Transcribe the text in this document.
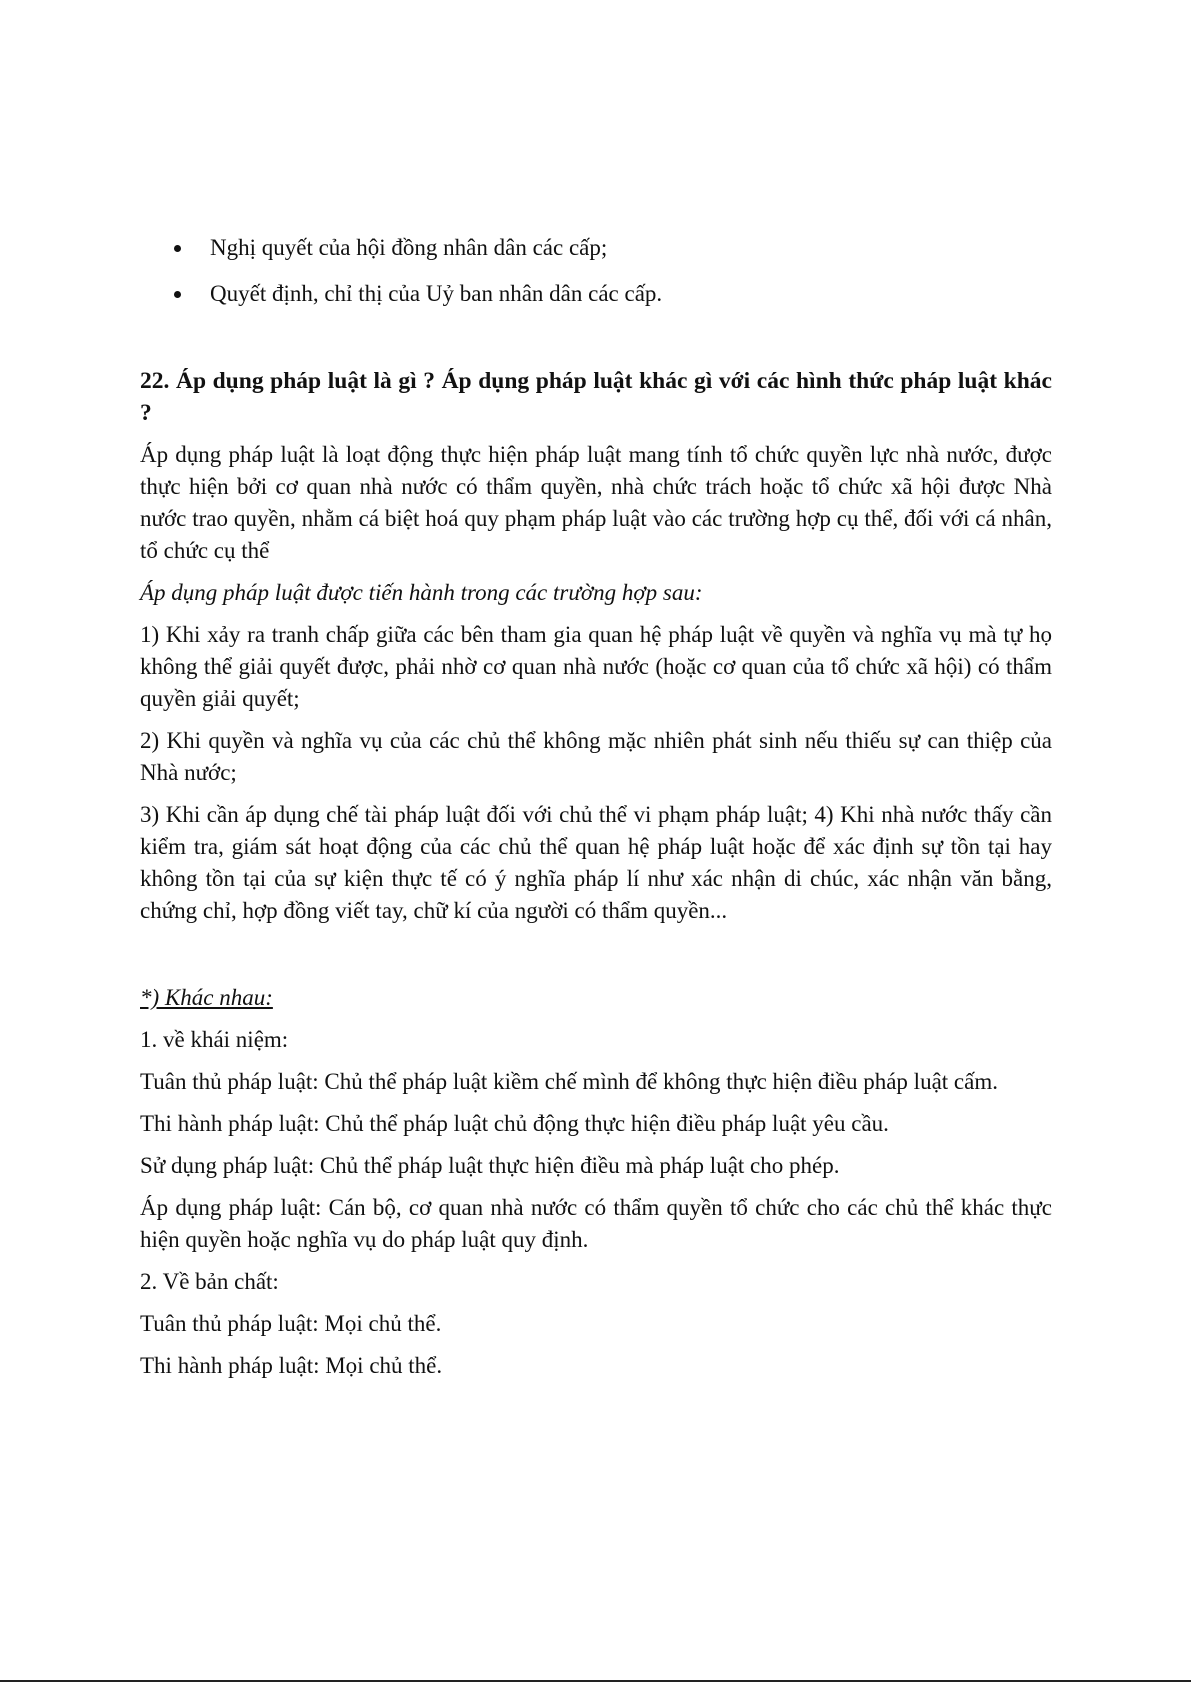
Nghị quyết của hội đồng nhân dân các cấp;
Quyết định, chỉ thị của Uỷ ban nhân dân các cấp.
22. Áp dụng pháp luật là gì ? Áp dụng pháp luật khác gì với các hình thức pháp luật khác ?

Áp dụng pháp luật là loạt động thực hiện pháp luật mang tính tổ chức quyền lực nhà nước, được thực hiện bởi cơ quan nhà nước có thẩm quyền, nhà chức trách hoặc tổ chức xã hội được Nhà nước trao quyền, nhằm cá biệt hoá quy phạm pháp luật vào các trường hợp cụ thể, đối với cá nhân, tổ chức cụ thể

Áp dụng pháp luật được tiến hành trong các trường hợp sau:

1) Khi xảy ra tranh chấp giữa các bên tham gia quan hệ pháp luật về quyền và nghĩa vụ mà tự họ không thể giải quyết được, phải nhờ cơ quan nhà nước (hoặc cơ quan của tổ chức xã hội) có thẩm quyền giải quyết;

2) Khi quyền và nghĩa vụ của các chủ thể không mặc nhiên phát sinh nếu thiếu sự can thiệp của Nhà nước;

3) Khi cần áp dụng chế tài pháp luật đối với chủ thể vi phạm pháp luật; 4) Khi nhà nước thấy cần kiểm tra, giám sát hoạt động của các chủ thể quan hệ pháp luật hoặc để xác định sự tồn tại hay không tồn tại của sự kiện thực tế có ý nghĩa pháp lí như xác nhận di chúc, xác nhận văn bằng, chứng chỉ, hợp đồng viết tay, chữ kí của người có thẩm quyền...

*) Khác nhau:

1. về khái niệm:

Tuân thủ pháp luật: Chủ thể pháp luật kiềm chế mình để không thực hiện điều pháp luật cấm.

Thi hành pháp luật: Chủ thể pháp luật chủ động thực hiện điều pháp luật yêu cầu.

Sử dụng pháp luật: Chủ thể pháp luật thực hiện điều mà pháp luật cho phép.

Áp dụng pháp luật: Cán bộ, cơ quan nhà nước có thẩm quyền tổ chức cho các chủ thể khác thực hiện quyền hoặc nghĩa vụ do pháp luật quy định.

2. Về bản chất:

Tuân thủ pháp luật: Mọi chủ thể.

Thi hành pháp luật: Mọi chủ thể.
